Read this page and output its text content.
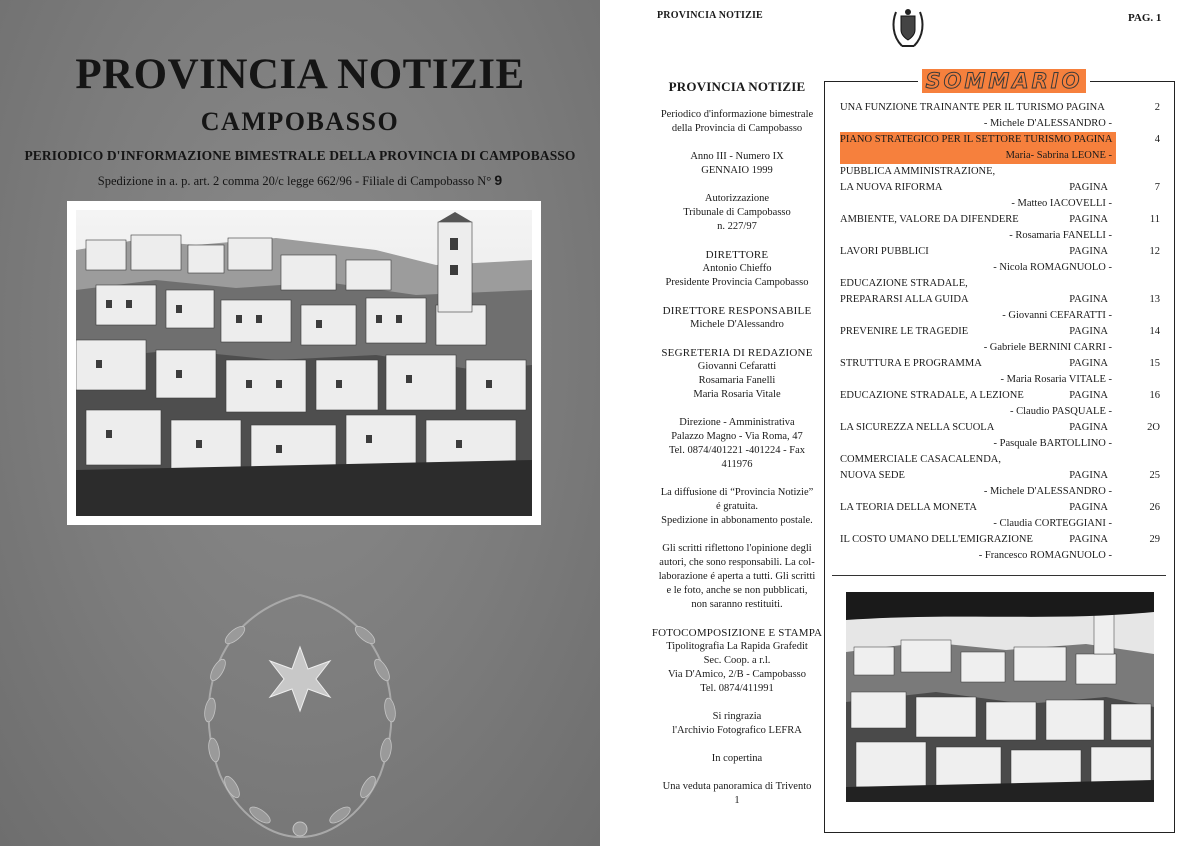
PROVINCIA NOTIZIE
CAMPOBASSO
PERIODICO D'INFORMAZIONE BIMESTRALE DELLA PROVINCIA DI CAMPOBASSO
Spedizione in a. p. art. 2 comma 20/c legge 662/96 - Filiale di Campobasso N° 9
PROVINCIA NOTIZIE	PAG. 1
PROVINCIA NOTIZIE
Periodico d'informazione bimestrale
della Provincia di Campobasso
Anno III - Numero IX
GENNAIO 1999
Autorizzazione
Tribunale di Campobasso
n. 227/97
DIRETTORE
Antonio Chieffo
Presidente Provincia Campobasso
DIRETTORE RESPONSABILE
Michele D'Alessandro
SEGRETERIA DI REDAZIONE
Giovanni Cefaratti
Rosamaria Fanelli
Maria Rosaria Vitale
Direzione - Amministrativa
Palazzo Magno - Via Roma, 47
Tel. 0874/401221 -401224 - Fax
411976
La diffusione di “Provincia Notizie”
é gratuita.
Spedizione in abbonamento postale.
Gli scritti riflettono l'opinione degli
autori, che sono responsabili. La col-
laborazione é aperta a tutti. Gli scritti
e le foto, anche se non pubblicati,
non saranno restituiti.
FOTOCOMPOSIZIONE E STAMPA
Tipolitografia La Rapida Grafedit
Sec. Coop. a r.l.
Via D'Amico, 2/B - Campobasso
Tel. 0874/411991
Si ringrazia
l'Archivio Fotografico LEFRA
In copertina
Una veduta panoramica di Trivento
1
SOMMARIO
UNA FUNZIONE TRAINANTE PER IL TURISMO PAGINA	2
- Michele D'ALESSANDRO -
PIANO STRATEGICO PER IL SETTORE TURISMO PAGINA	4
Maria- Sabrina LEONE -
PUBBLICA AMMINISTRAZIONE,
LA NUOVA RIFORMA	PAGINA	7
- Matteo IACOVELLI -
AMBIENTE, VALORE DA DIFENDERE	PAGINA	11
- Rosamaria FANELLI -
LAVORI PUBBLICI	PAGINA	12
- Nicola ROMAGNUOLO -
EDUCAZIONE STRADALE,
PREPARARSI ALLA GUIDA	PAGINA	13
- Giovanni CEFARATTI -
PREVENIRE LE TRAGEDIE	PAGINA	14
- Gabriele BERNINI CARRI -
STRUTTURA E PROGRAMMA	PAGINA	15
- Maria Rosaria VITALE -
EDUCAZIONE STRADALE, A LEZIONE	PAGINA	16
- Claudio PASQUALE -
LA SICUREZZA NELLA SCUOLA	PAGINA	2O
- Pasquale BARTOLLINO -
COMMERCIALE CASACALENDA,
NUOVA SEDE	PAGINA	25
- Michele D'ALESSANDRO -
LA TEORIA DELLA MONETA	PAGINA	26
- Claudia CORTEGGIANI -
IL COSTO UMANO DELL'EMIGRAZIONE	PAGINA	29
- Francesco ROMAGNUOLO -
